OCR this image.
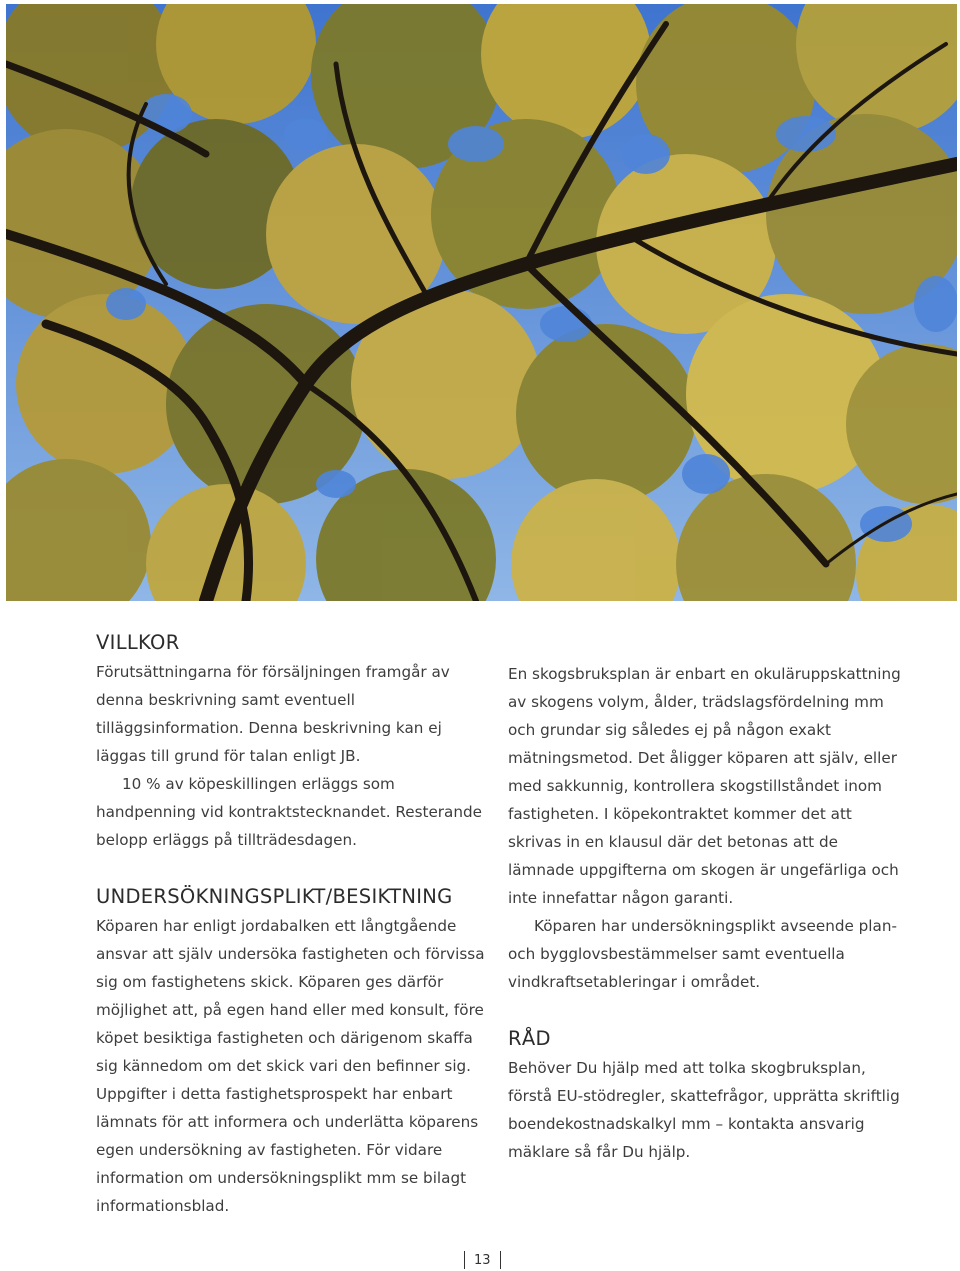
VILLKOR

Förutsättningarna för försäljningen framgår av denna beskrivning samt eventuell tilläggsinformation. Denna beskrivning kan ej läggas till grund för talan enligt JB.

10 % av köpeskillingen erläggs som handpenning vid kontraktstecknandet. Resterande belopp erläggs på tillträdesdagen.

UNDERSÖKNINGSPLIKT/BESIKTNING

Köparen har enligt jordabalken ett långtgående ansvar att själv undersöka fastigheten och förvissa sig om fastighetens skick. Köparen ges därför möjlighet att, på egen hand eller med konsult, före köpet besiktiga fastigheten och därigenom skaffa sig kännedom om det skick vari den befinner sig. Uppgifter i detta fastighetsprospekt har enbart lämnats för att informera och underlätta köparens egen undersökning av fastigheten. För vidare information om undersökningsplikt mm se bilagt informationsblad.

En skogsbruksplan är enbart en okuläruppskattning av skogens volym, ålder, trädslagsfördelning mm och grundar sig således ej på någon exakt mätningsmetod. Det åligger köparen att själv, eller med sakkunnig, kontrollera skogstillståndet inom fastigheten. I köpekontraktet kommer det att skrivas in en klausul där det betonas att de lämnade uppgifterna om skogen är ungefärliga och inte innefattar någon garanti.

Köparen har undersökningsplikt avseende plan- och bygglovsbestämmelser samt eventuella vindkraftsetableringar i området.

RÅD

Behöver Du hjälp med att tolka skogbruksplan, förstå EU-stödregler, skattefrågor, upprätta skriftlig boendekostnadskalkyl mm – kontakta ansvarig mäklare så får Du hjälp.

13
